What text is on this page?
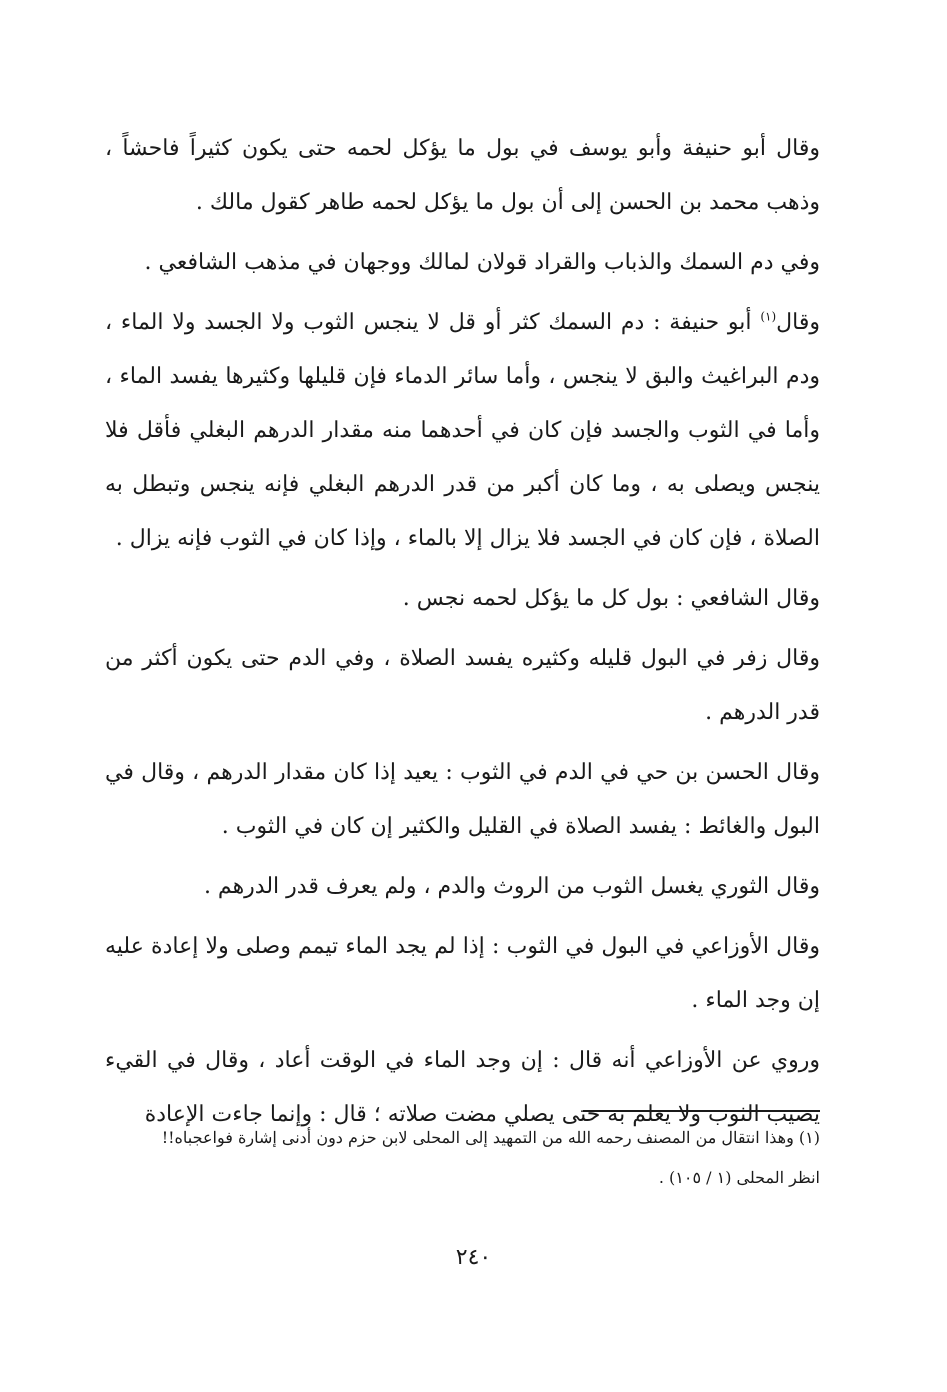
وقال أبو حنيفة وأبو يوسف في بول ما يؤكل لحمه حتى يكون كثيراً فاحشاً ، وذهب محمد بن الحسن إلى أن بول ما يؤكل لحمه طاهر كقول مالك .

وفي دم السمك والذباب والقراد قولان لمالك ووجهان في مذهب الشافعي .

وقال$^{(١)}$ أبو حنيفة : دم السمك كثر أو قل لا ينجس الثوب ولا الجسد ولا الماء ، ودم البراغيث والبق لا ينجس ، وأما سائر الدماء فإن قليلها وكثيرها يفسد الماء ، وأما في الثوب والجسد فإن كان في أحدهما منه مقدار الدرهم البغلي فأقل فلا ينجس ويصلى به ، وما كان أكبر من قدر الدرهم البغلي فإنه ينجس وتبطل به الصلاة ، فإن كان في الجسد فلا يزال إلا بالماء ، وإذا كان في الثوب فإنه يزال .

وقال الشافعي : بول كل ما يؤكل لحمه نجس .

وقال زفر في البول قليله وكثيره يفسد الصلاة ، وفي الدم حتى يكون أكثر من قدر الدرهم .

وقال الحسن بن حي في الدم في الثوب : يعيد إذا كان مقدار الدرهم ، وقال في البول والغائط : يفسد الصلاة في القليل والكثير إن كان في الثوب .

وقال الثوري يغسل الثوب من الروث والدم ، ولم يعرف قدر الدرهم .

وقال الأوزاعي في البول في الثوب : إذا لم يجد الماء تيمم وصلى ولا إعادة عليه إن وجد الماء .

وروي عن الأوزاعي أنه قال : إن وجد الماء في الوقت أعاد ، وقال في القيء يصيب الثوب ولا يعلم به حتى يصلي مضت صلاته ؛ قال : وإنما جاءت الإعادة

(١) وهذا انتقال من المصنف رحمه الله من التمهيد إلى المحلى لابن حزم دون أدنى إشارة فواعجباه!!

انظر المحلى (١ / ١٠٥) .

٢٤٠
